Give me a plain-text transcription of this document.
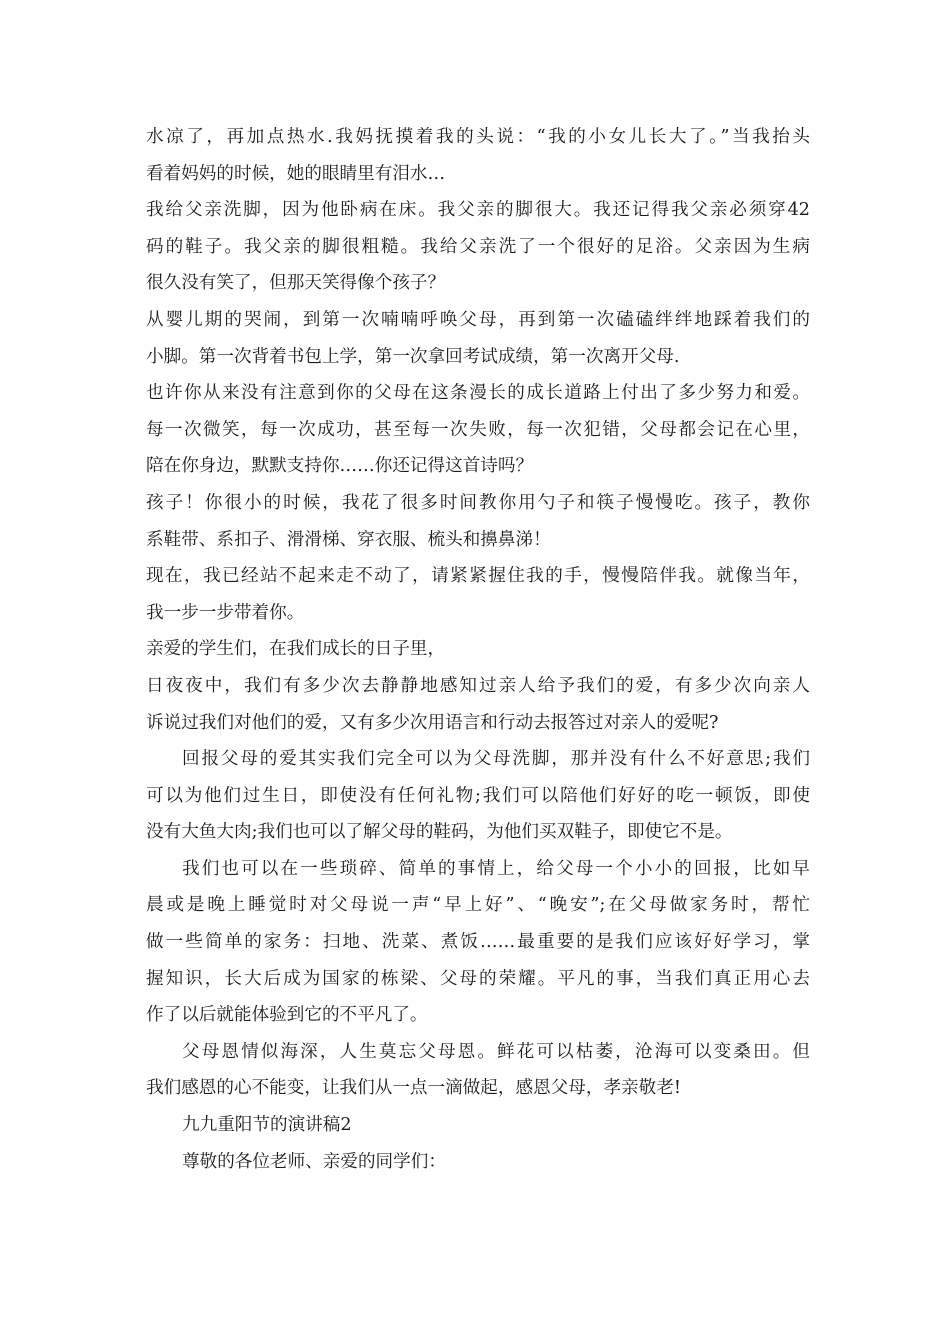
水凉了，再加点热水.我妈抚摸着我的头说：“我的小女儿长大了。”当我抬头
看着妈妈的时候，她的眼睛里有泪水…
我给父亲洗脚，因为他卧病在床。我父亲的脚很大。我还记得我父亲必须穿42
码的鞋子。我父亲的脚很粗糙。我给父亲洗了一个很好的足浴。父亲因为生病
很久没有笑了，但那天笑得像个孩子？
从婴儿期的哭闹，到第一次喃喃呼唤父母，再到第一次磕磕绊绊地踩着我们的
小脚。第一次背着书包上学，第一次拿回考试成绩，第一次离开父母.
也许你从来没有注意到你的父母在这条漫长的成长道路上付出了多少努力和爱。
每一次微笑，每一次成功，甚至每一次失败，每一次犯错，父母都会记在心里，
陪在你身边，默默支持你……你还记得这首诗吗？
孩子！你很小的时候，我花了很多时间教你用勺子和筷子慢慢吃。孩子，教你
系鞋带、系扣子、滑滑梯、穿衣服、梳头和擤鼻涕！
现在，我已经站不起来走不动了，请紧紧握住我的手，慢慢陪伴我。就像当年，
我一步一步带着你。
亲爱的学生们，在我们成长的日子里，
日夜夜中，我们有多少次去静静地感知过亲人给予我们的爱，有多少次向亲人
诉说过我们对他们的爱，又有多少次用语言和行动去报答过对亲人的爱呢?
回报父母的爱其实我们完全可以为父母洗脚，那并没有什么不好意思;我们
可以为他们过生日，即使没有任何礼物;我们可以陪他们好好的吃一顿饭，即使
没有大鱼大肉;我们也可以了解父母的鞋码，为他们买双鞋子，即使它不是。
我们也可以在一些琐碎、简单的事情上，给父母一个小小的回报，比如早
晨或是晚上睡觉时对父母说一声“早上好”、“晚安”;在父母做家务时，帮忙
做一些简单的家务：扫地、洗菜、煮饭……最重要的是我们应该好好学习，掌
握知识，长大后成为国家的栋梁、父母的荣耀。平凡的事，当我们真正用心去
作了以后就能体验到它的不平凡了。
父母恩情似海深，人生莫忘父母恩。鲜花可以枯萎，沧海可以变桑田。但
我们感恩的心不能变，让我们从一点一滴做起，感恩父母，孝亲敬老!
九九重阳节的演讲稿2
尊敬的各位老师、亲爱的同学们：
